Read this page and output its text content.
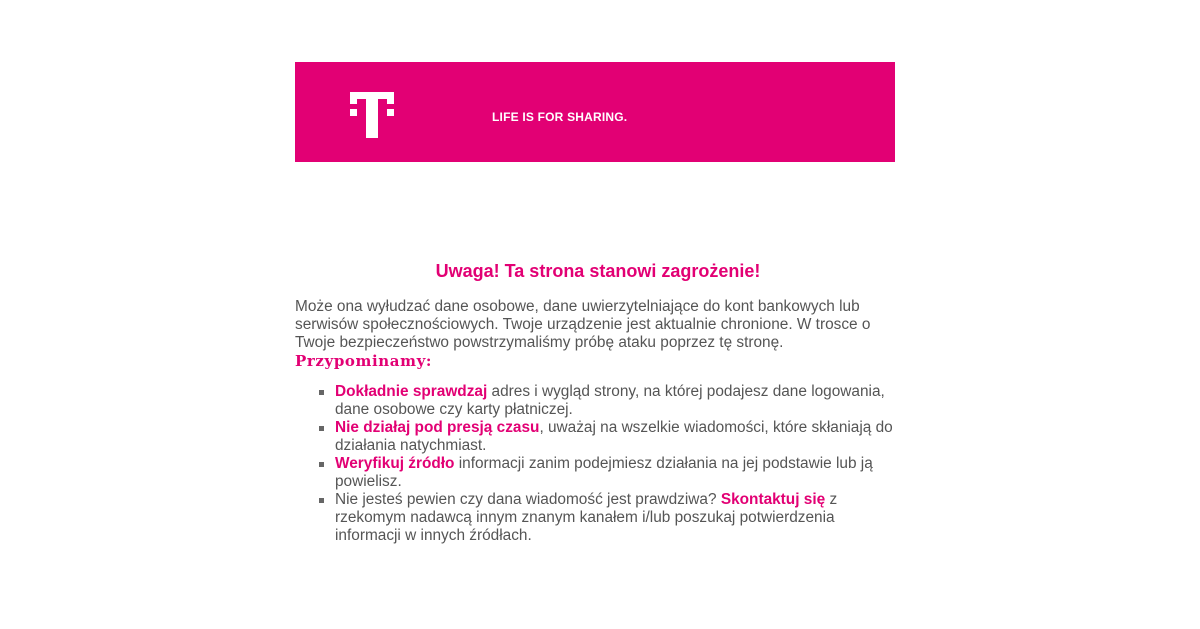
LIFE IS FOR SHARING.
Uwaga! Ta strona stanowi zagrożenie!

Może ona wyłudzać dane osobowe, dane uwierzytelniające do kont bankowych lub serwisów społecznościowych. Twoje urządzenie jest aktualnie chronione. W trosce o Twoje bezpieczeństwo powstrzymaliśmy próbę ataku poprzez tę stronę.

Przypominamy:

Dokładnie sprawdzaj adres i wygląd strony, na której podajesz dane logowania, dane osobowe czy karty płatniczej.
Nie działaj pod presją czasu, uważaj na wszelkie wiadomości, które skłaniają do działania natychmiast.
Weryfikuj źródło informacji zanim podejmiesz działania na jej podstawie lub ją powielisz.
Nie jesteś pewien czy dana wiadomość jest prawdziwa? Skontaktuj się z rzekomym nadawcą innym znanym kanałem i/lub poszukaj potwierdzenia informacji w innych źródłach.
